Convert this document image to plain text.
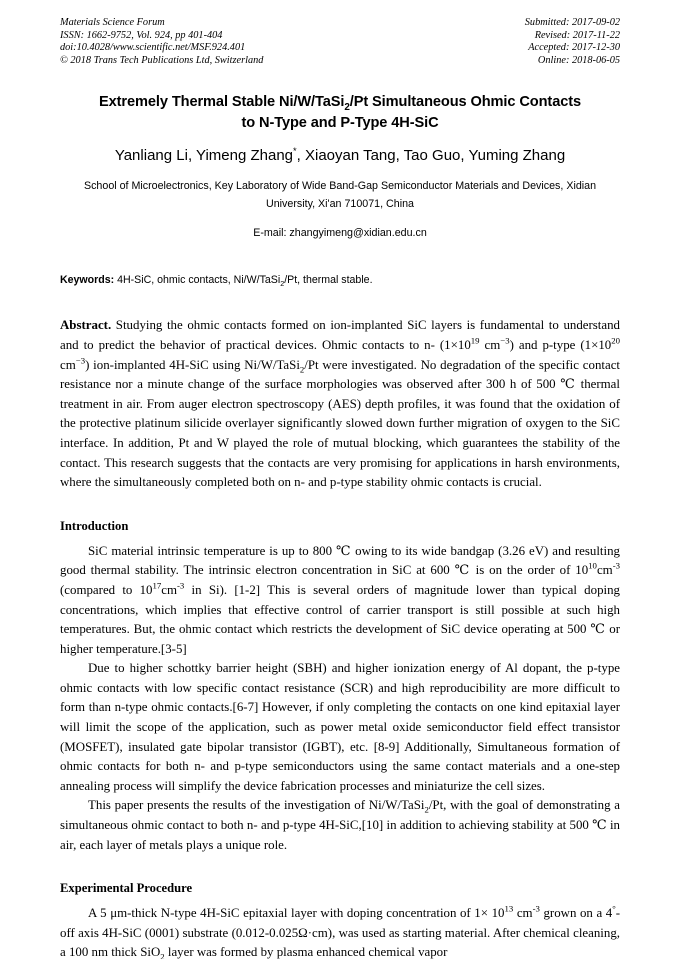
Materials Science Forum
ISSN: 1662-9752, Vol. 924, pp 401-404
doi:10.4028/www.scientific.net/MSF.924.401
© 2018 Trans Tech Publications Ltd, Switzerland
Submitted: 2017-09-02
Revised: 2017-11-22
Accepted: 2017-12-30
Online: 2018-06-05
Extremely Thermal Stable Ni/W/TaSi$_2$/Pt Simultaneous Ohmic Contacts
to N-Type and P-Type 4H-SiC
Yanliang Li, Yimeng Zhang*, Xiaoyan Tang, Tao Guo, Yuming Zhang
School of Microelectronics, Key Laboratory of Wide Band-Gap Semiconductor Materials and Devices, Xidian University, Xi'an 710071, China
E-mail: zhangyimeng@xidian.edu.cn
Keywords: 4H-SiC, ohmic contacts, Ni/W/TaSi$_2$/Pt, thermal stable.
Abstract. Studying the ohmic contacts formed on ion-implanted SiC layers is fundamental to understand and to predict the behavior of practical devices. Ohmic contacts to n- ($1\times 10^{19}$ $cm^{-3}$) and p-type ($1\times 10^{20}$ $cm^{-3}$) ion-implanted 4H-SiC using Ni/W/TaSi$_2$/Pt were investigated. No degradation of the specific contact resistance nor a minute change of the surface morphologies was observed after 300 h of 500 ℃ thermal treatment in air. From auger electron spectroscopy (AES) depth profiles, it was found that the oxidation of the protective platinum silicide overlayer significantly slowed down further migration of oxygen to the SiC interface. In addition, Pt and W played the role of mutual blocking, which guarantees the stability of the contact. This research suggests that the contacts are very promising for applications in harsh environments, where the simultaneously completed both on n- and p-type stability ohmic contacts is crucial.
Introduction
SiC material intrinsic temperature is up to 800 ℃ owing to its wide bandgap (3.26 eV) and resulting good thermal stability. The intrinsic electron concentration in SiC at 600 ℃ is on the order of $10^{10}cm^{-3}$ (compared to $10^{17}cm^{-3}$ in Si). [1-2] This is several orders of magnitude lower than typical doping concentrations, which implies that effective control of carrier transport is still possible at such high temperatures. But, the ohmic contact which restricts the development of SiC device operating at 500 ℃ or higher temperature.[3-5]
Due to higher schottky barrier height (SBH) and higher ionization energy of Al dopant, the p-type ohmic contacts with low specific contact resistance (SCR) and high reproducibility are more difficult to form than n-type ohmic contacts.[6-7] However, if only completing the contacts on one kind epitaxial layer will limit the scope of the application, such as power metal oxide semiconductor field effect transistor (MOSFET), insulated gate bipolar transistor (IGBT), etc. [8-9] Additionally, Simultaneous formation of ohmic contacts for both n- and p-type semiconductors using the same contact materials and a one-step annealing process will simplify the device fabrication processes and miniaturize the cell sizes.
This paper presents the results of the investigation of Ni/W/TaSi$_2$/Pt, with the goal of demonstrating a simultaneous ohmic contact to both n- and p-type 4H-SiC,[10] in addition to achieving stability at 500 ℃ in air, each layer of metals plays a unique role.
Experimental Procedure
A 5 μm-thick N-type 4H-SiC epitaxial layer with doping concentration of $1\times 10^{13}$ $cm^{-3}$ grown on a 4°-off axis 4H-SiC (0001) substrate (0.012-0.025Ω·cm), was used as starting material. After chemical cleaning, a 100 nm thick SiO$_2$ layer was formed by plasma enhanced chemical vapor
